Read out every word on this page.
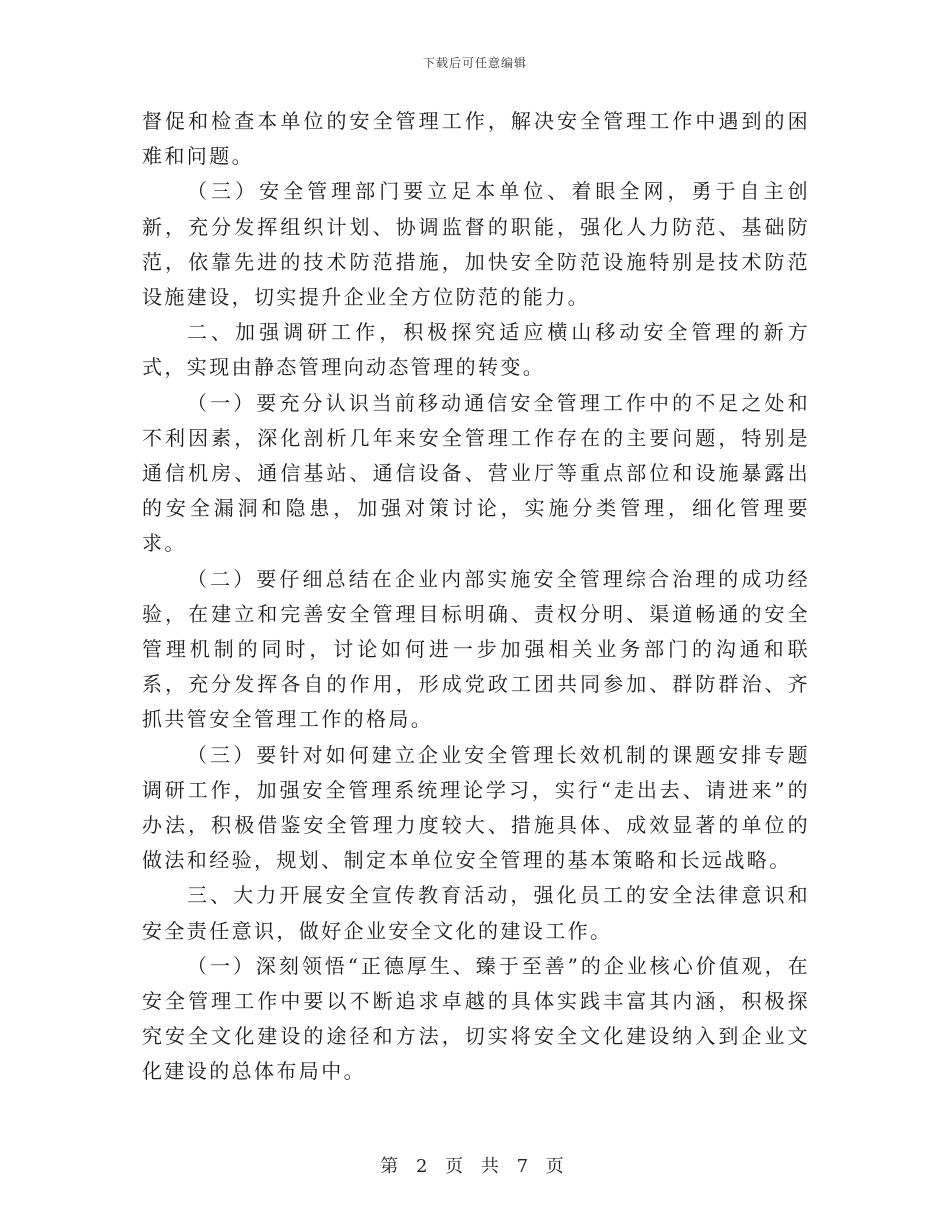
下载后可任意编辑

督促和检查本单位的安全管理工作，解决安全管理工作中遇到的困难和问题。

（三）安全管理部门要立足本单位、着眼全网，勇于自主创新，充分发挥组织计划、协调监督的职能，强化人力防范、基础防范，依靠先进的技术防范措施，加快安全防范设施特别是技术防范设施建设，切实提升企业全方位防范的能力。

二、加强调研工作，积极探究适应横山移动安全管理的新方式，实现由静态管理向动态管理的转变。

（一）要充分认识当前移动通信安全管理工作中的不足之处和不利因素，深化剖析几年来安全管理工作存在的主要问题，特别是通信机房、通信基站、通信设备、营业厅等重点部位和设施暴露出的安全漏洞和隐患，加强对策讨论，实施分类管理，细化管理要求。

（二）要仔细总结在企业内部实施安全管理综合治理的成功经验，在建立和完善安全管理目标明确、责权分明、渠道畅通的安全管理机制的同时，讨论如何进一步加强相关业务部门的沟通和联系，充分发挥各自的作用，形成党政工团共同参加、群防群治、齐抓共管安全管理工作的格局。

（三）要针对如何建立企业安全管理长效机制的课题安排专题调研工作，加强安全管理系统理论学习，实行“走出去、请进来”的办法，积极借鉴安全管理力度较大、措施具体、成效显著的单位的做法和经验，规划、制定本单位安全管理的基本策略和长远战略。

三、大力开展安全宣传教育活动，强化员工的安全法律意识和安全责任意识，做好企业安全文化的建设工作。

（一）深刻领悟“正德厚生、臻于至善”的企业核心价值观，在安全管理工作中要以不断追求卓越的具体实践丰富其内涵，积极探究安全文化建设的途径和方法，切实将安全文化建设纳入到企业文化建设的总体布局中。

第 2 页 共 7 页
